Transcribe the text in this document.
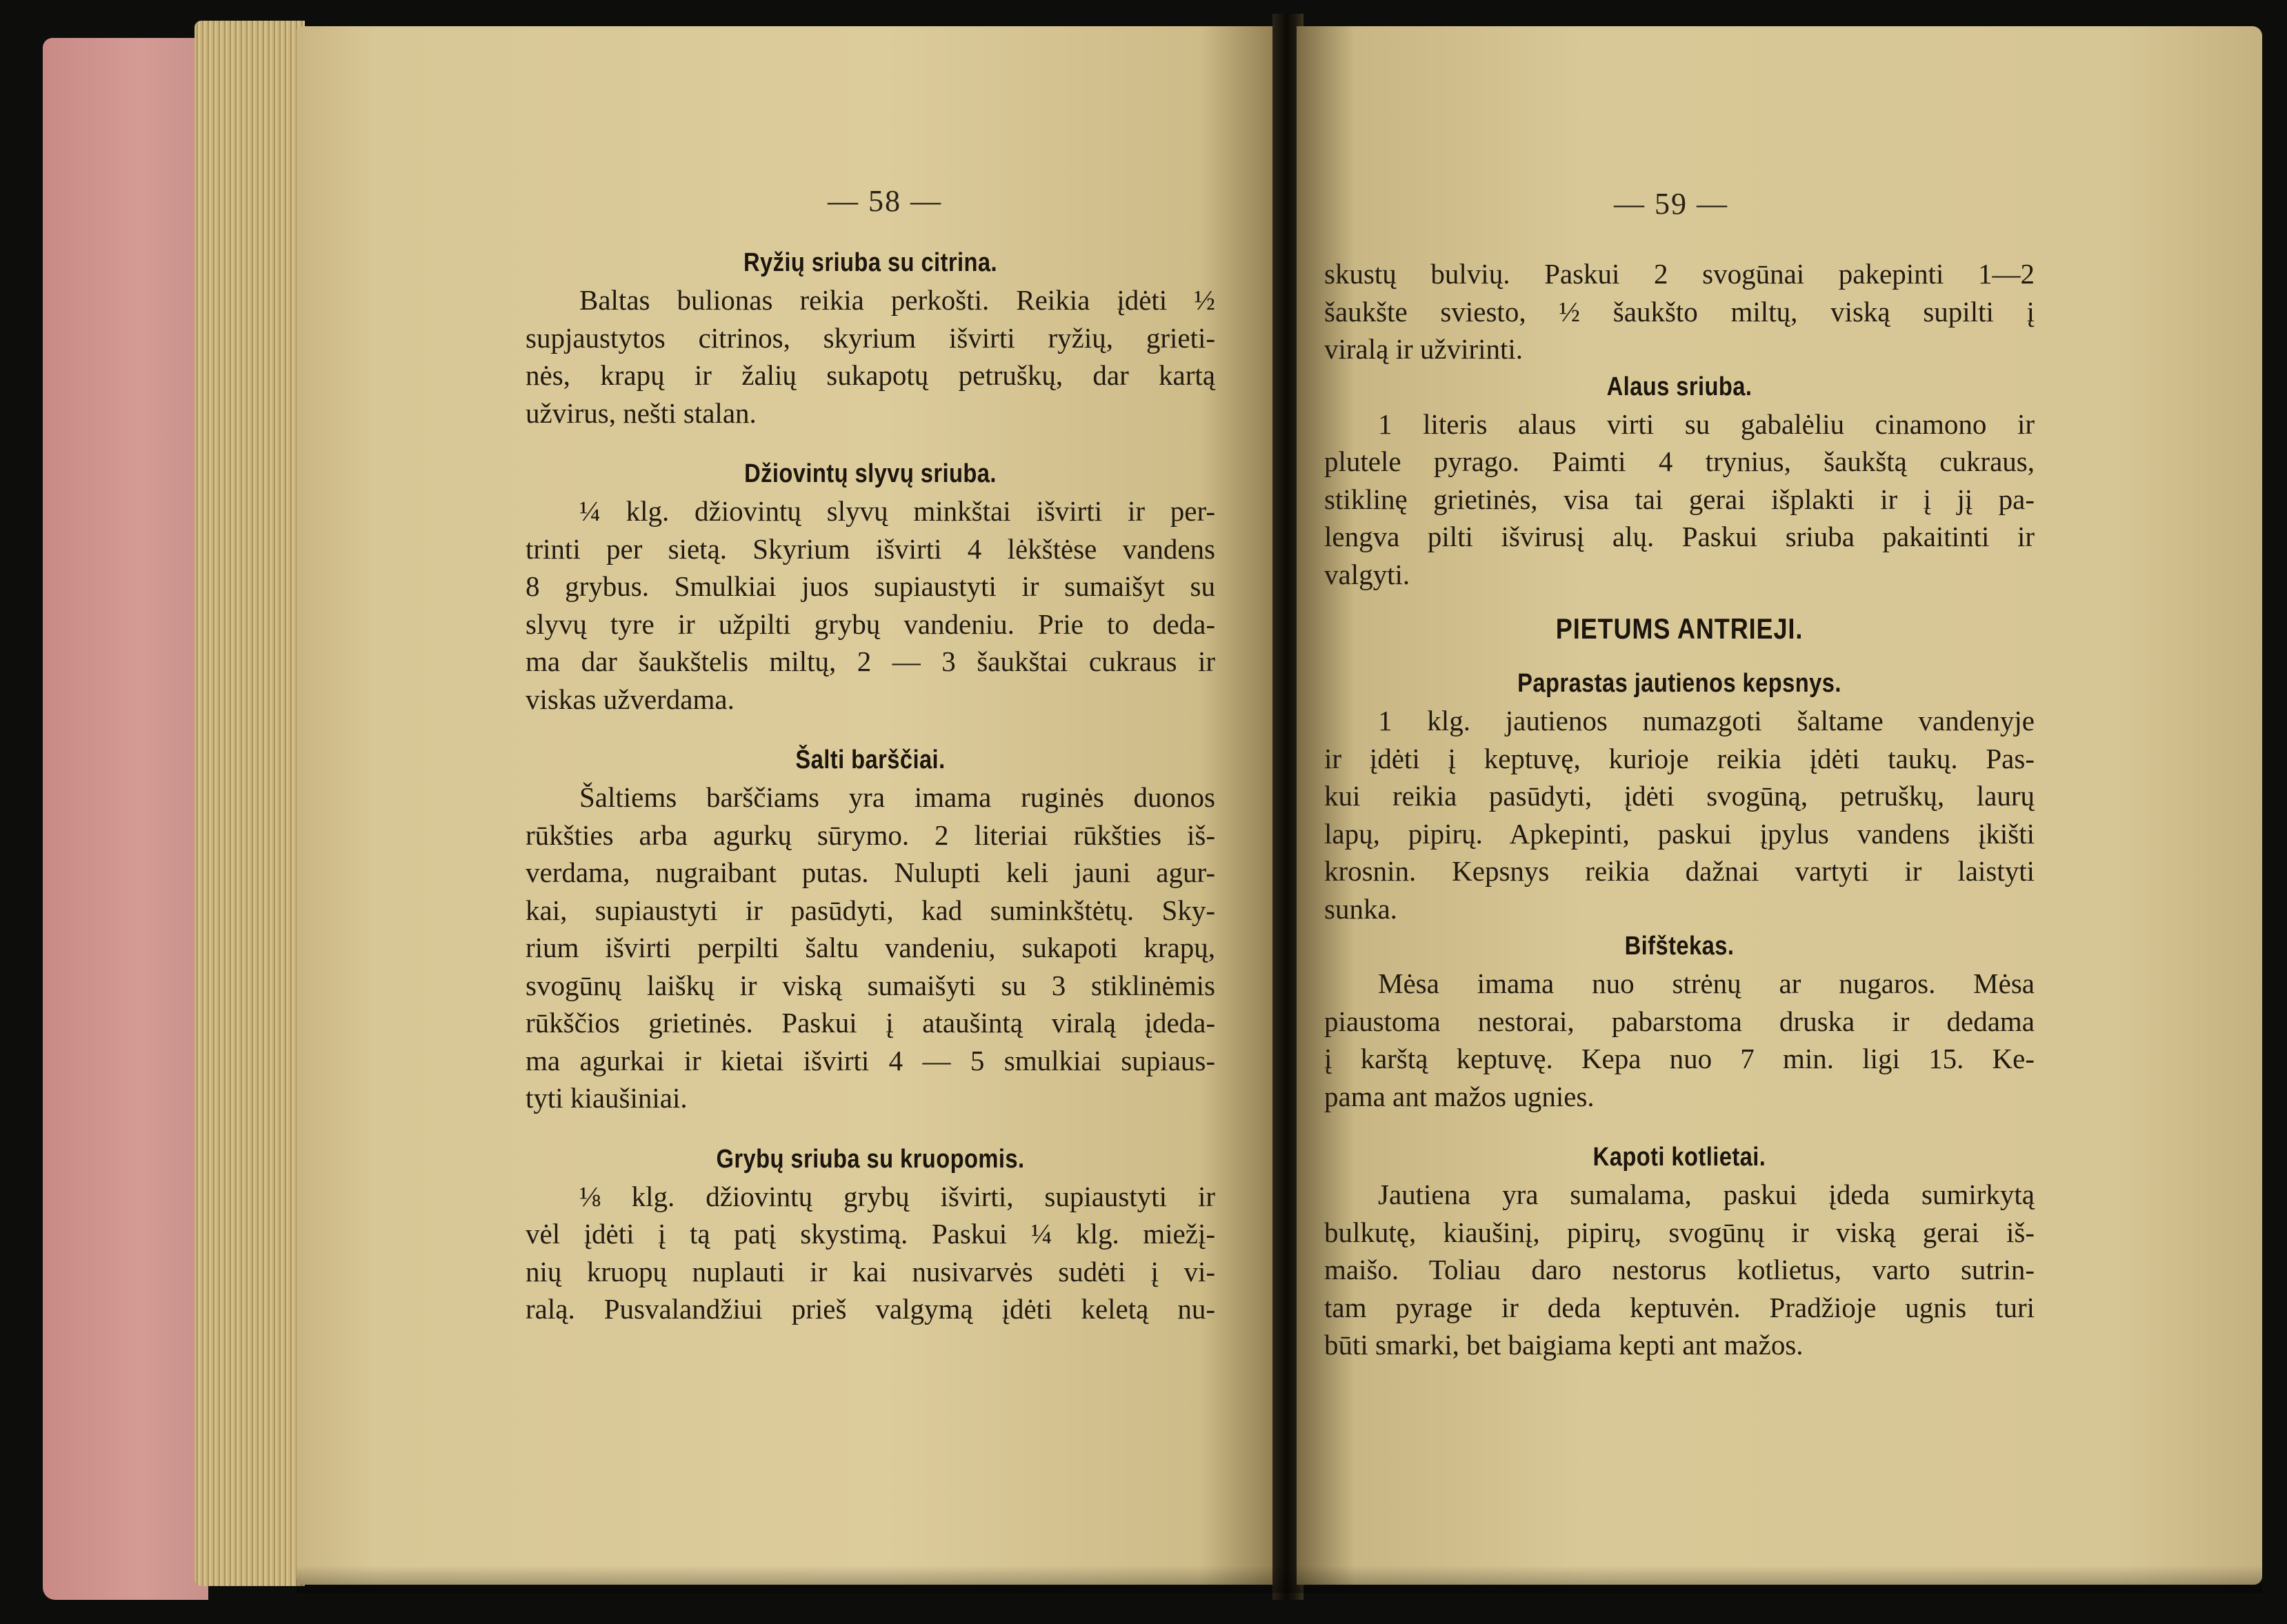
— 58 —
Ryžių sriuba su citrina.
Baltas bulionas reikia perkošti. Reikia įdėti ½
supjaustytos citrinos, skyrium išvirti ryžių, grieti-
nės, krapų ir žalių sukapotų petruškų, dar kartą
užvirus, nešti stalan.
Džiovintų slyvų sriuba.
¼ klg. džiovintų slyvų minkštai išvirti ir per-
trinti per sietą. Skyrium išvirti 4 lėkštėse vandens
8 grybus. Smulkiai juos supiaustyti ir sumaišyt su
slyvų tyre ir užpilti grybų vandeniu. Prie to deda-
ma dar šaukštelis miltų, 2 — 3 šaukštai cukraus ir
viskas užverdama.
Šalti barščiai.
Šaltiems barščiams yra imama ruginės duonos
rūkšties arba agurkų sūrymo. 2 literiai rūkšties iš-
verdama, nugraibant putas. Nulupti keli jauni agur-
kai, supiaustyti ir pasūdyti, kad suminkštėtų. Sky-
rium išvirti perpilti šaltu vandeniu, sukapoti krapų,
svogūnų laiškų ir viską sumaišyti su 3 stiklinėmis
rūkščios grietinės. Paskui į ataušintą viralą įdeda-
ma agurkai ir kietai išvirti 4 — 5 smulkiai supiaus-
tyti kiaušiniai.
Grybų sriuba su kruopomis.
⅛ klg. džiovintų grybų išvirti, supiaustyti ir
vėl įdėti į tą patį skystimą. Paskui ¼ klg. miežį-
nių kruopų nuplauti ir kai nusivarvės sudėti į vi-
ralą. Pusvalandžiui prieš valgymą įdėti keletą nu-
— 59 —
skustų bulvių. Paskui 2 svogūnai pakepinti 1—2
šaukšte sviesto, ½ šaukšto miltų, viską supilti į
viralą ir užvirinti.
Alaus sriuba.
1 literis alaus virti su gabalėliu cinamono ir
plutele pyrago. Paimti 4 trynius, šaukštą cukraus,
stiklinę grietinės, visa tai gerai išplakti ir į jį pa-
lengva pilti išvirusį alų. Paskui sriuba pakaitinti ir
valgyti.
PIETUMS ANTRIEJI.
Paprastas jautienos kepsnys.
1 klg. jautienos numazgoti šaltame vandenyje
ir įdėti į keptuvę, kurioje reikia įdėti taukų. Pas-
kui reikia pasūdyti, įdėti svogūną, petruškų, laurų
lapų, pipirų. Apkepinti, paskui įpylus vandens įkišti
krosnin. Kepsnys reikia dažnai vartyti ir laistyti
sunka.
Bifštekas.
Mėsa imama nuo strėnų ar nugaros. Mėsa
piaustoma nestorai, pabarstoma druska ir dedama
į karštą keptuvę. Kepa nuo 7 min. ligi 15. Ke-
pama ant mažos ugnies.
Kapoti kotlietai.
Jautiena yra sumalama, paskui įdeda sumirkytą
bulkutę, kiaušinį, pipirų, svogūnų ir viską gerai iš-
maišo. Toliau daro nestorus kotlietus, varto sutrin-
tam pyrage ir deda keptuvėn. Pradžioje ugnis turi
būti smarki, bet baigiama kepti ant mažos.
